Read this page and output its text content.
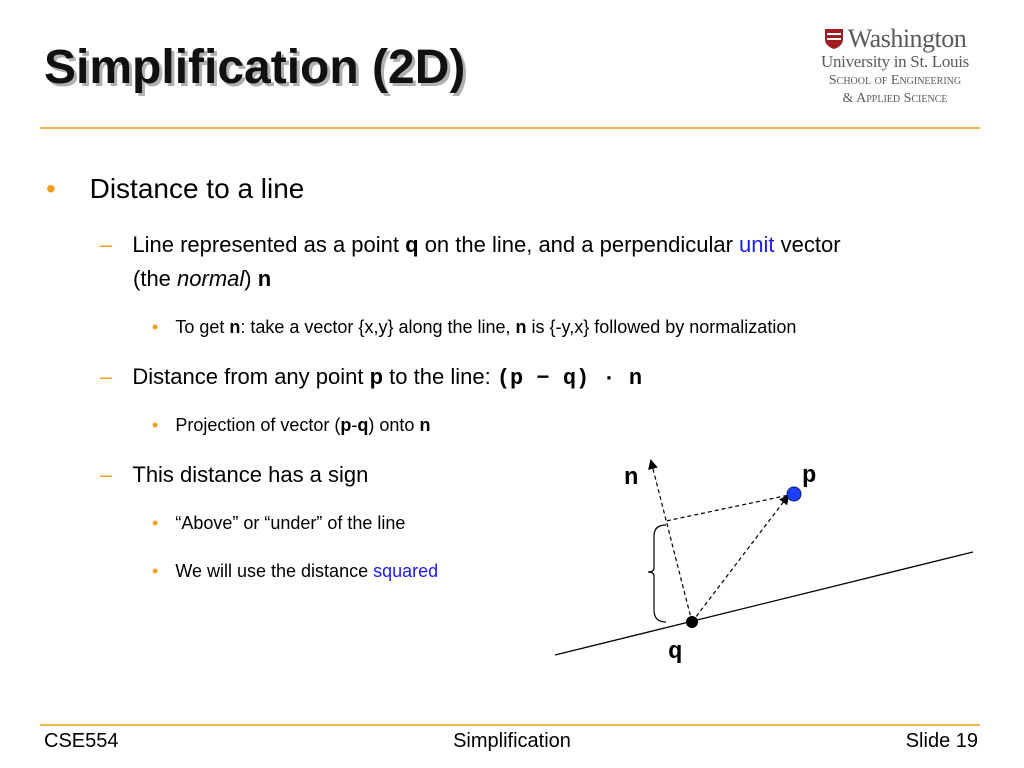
Simplification (2D)
Washington
University in St. Louis
School of Engineering
& Applied Science
• Distance to a line
– Line represented as a point q on the line, and a perpendicular unit vector
(the normal) n
• To get n: take a vector {x,y} along the line, n is {-y,x} followed by normalization
– Distance from any point p to the line: (p − q) · n
• Projection of vector (p-q) onto n
– This distance has a sign
• “Above” or “under” of the line
• We will use the distance squared
n	p
q
CSE554	Simplification	Slide 19
